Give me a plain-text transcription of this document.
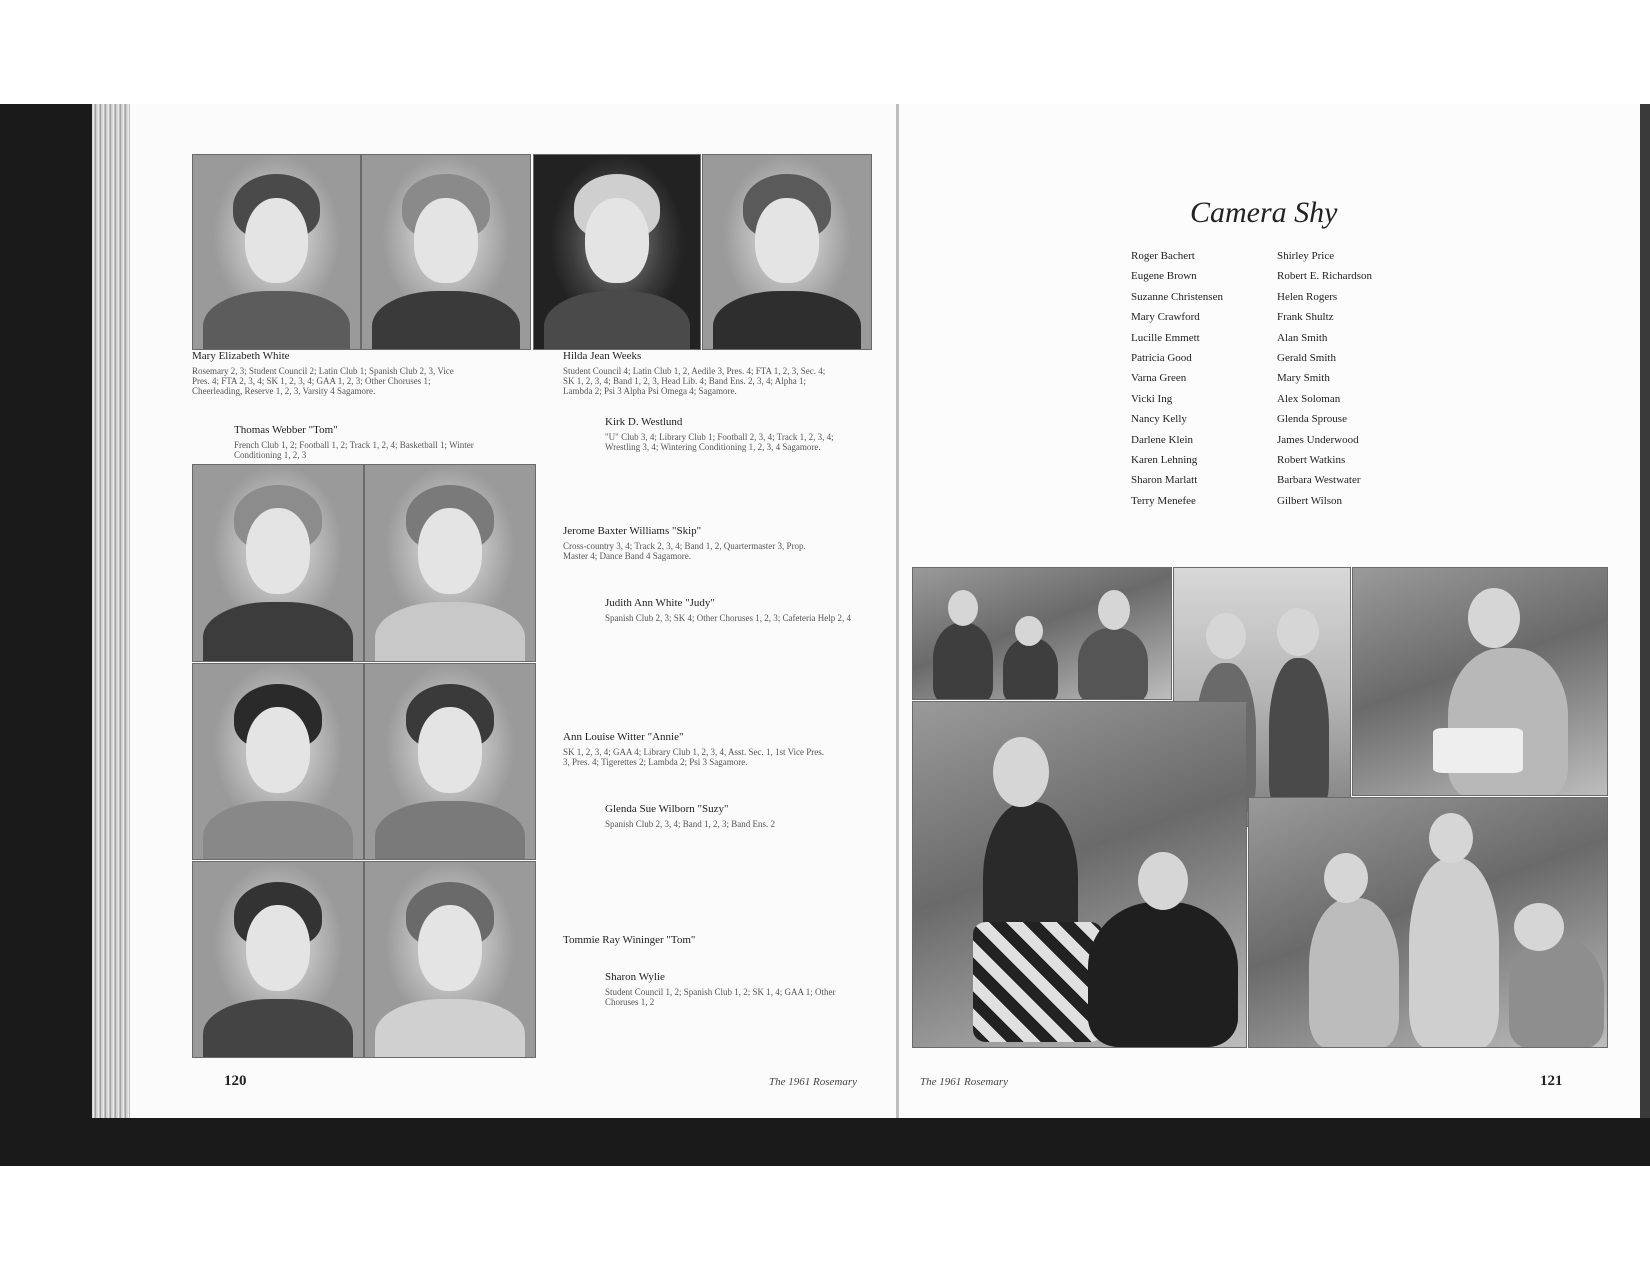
Mary Elizabeth White
Rosemary 2, 3; Student Council 2; Latin Club 1; Spanish Club 2, 3, Vice Pres. 4; FTA 2, 3, 4; SK 1, 2, 3, 4; GAA 1, 2, 3; Other Choruses 1; Cheerleading, Reserve 1, 2, 3, Varsity 4 Sagamore.
Thomas Webber "Tom"
French Club 1, 2; Football 1, 2; Track 1, 2, 4; Basketball 1; Winter Conditioning 1, 2, 3
Hilda Jean Weeks
Student Council 4; Latin Club 1, 2, Aedile 3, Pres. 4; FTA 1, 2, 3, Sec. 4; SK 1, 2, 3, 4; Band 1, 2, 3, Head Lib. 4; Band Ens. 2, 3, 4; Alpha 1; Lambda 2; Psi 3 Alpha Psi Omega 4; Sagamore.
Kirk D. Westlund
"U" Club 3, 4; Library Club 1; Football 2, 3, 4; Track 1, 2, 3, 4; Wrestling 3, 4; Wintering Conditioning 1, 2, 3, 4 Sagamore.
Jerome Baxter Williams "Skip"
Cross-country 3, 4; Track 2, 3, 4; Band 1, 2, Quartermaster 3, Prop. Master 4; Dance Band 4 Sagamore.
Judith Ann White "Judy"
Spanish Club 2, 3; SK 4; Other Choruses 1, 2, 3; Cafeteria Help 2, 4
Ann Louise Witter "Annie"
SK 1, 2, 3, 4; GAA 4; Library Club 1, 2, 3, 4, Asst. Sec. 1, 1st Vice Pres. 3, Pres. 4; Tigerettes 2; Lambda 2; Psi 3 Sagamore.
Glenda Sue Wilborn "Suzy"
Spanish Club 2, 3, 4; Band 1, 2, 3; Band Ens. 2
Tommie Ray Wininger "Tom"
Sharon Wylie
Student Council 1, 2; Spanish Club 1, 2; SK 1, 4; GAA 1; Other Choruses 1, 2
120	The 1961 Rosemary
Camera Shy
Roger Bachert
Eugene Brown
Suzanne Christensen
Mary Crawford
Lucille Emmett
Patricia Good
Varna Green
Vicki Ing
Nancy Kelly
Darlene Klein
Karen Lehning
Sharon Marlatt
Terry Menefee
Shirley Price
Robert E. Richardson
Helen Rogers
Frank Shultz
Alan Smith
Gerald Smith
Mary Smith
Alex Soloman
Glenda Sprouse
James Underwood
Robert Watkins
Barbara Westwater
Gilbert Wilson
The 1961 Rosemary	121
